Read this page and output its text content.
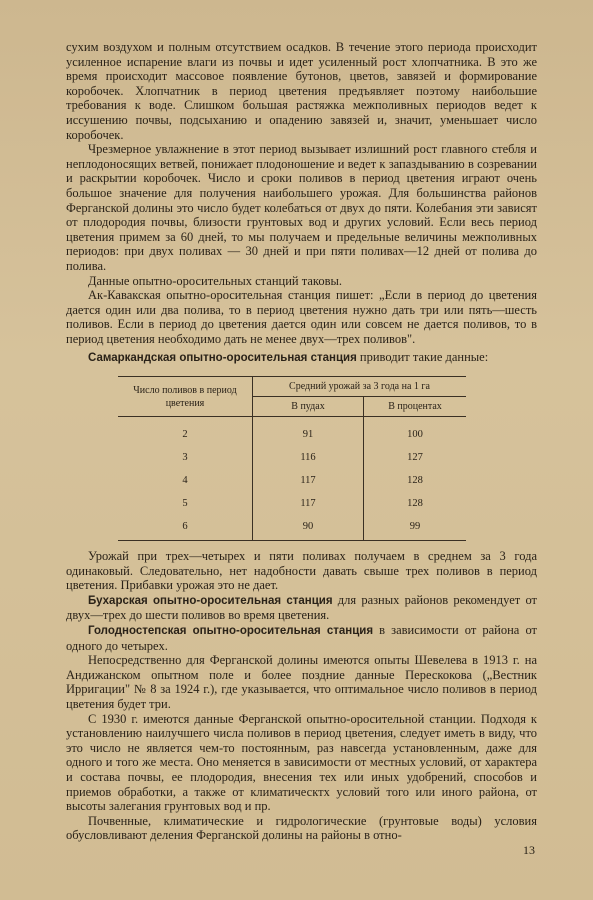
сухим воздухом и полным отсутствием осадков. В течение этого периода происходит усиленное испарение влаги из почвы и идет усиленный рост хлопчатника. В это же время происходит массовое появление бутонов, цветов, завязей и формирование коробочек. Хлопчатник в период цветения предъявляет поэтому наибольшие требования к воде. Слишком большая растяжка межполивных периодов ведет к иссушению почвы, подсыханию и опадению завязей и, значит, уменьшает число коробочек.

Чрезмерное увлажнение в этот период вызывает излишний рост главного стебля и неплодоносящих ветвей, понижает плодоношение и ведет к запаздыванию в созревании и раскрытии коробочек. Число и сроки поливов в период цветения играют очень большое значение для получения наибольшего урожая. Для большинства районов Ферганской долины это число будет колебаться от двух до пяти. Колебания эти зависят от плодородия почвы, близости грунтовых вод и других условий. Если весь период цветения примем за 60 дней, то мы получаем и предельные величины межполивных периодов: при двух поливах — 30 дней и при пяти поливах—12 дней от полива до полива.

Данные опытно-оросительных станций таковы.

Ак-Кавакская опытно-оросительная станция пишет: „Если в период до цветения дается один или два полива, то в период цветения нужно дать три или пять—шесть поливов. Если в период до цветения дается один или совсем не дается поливов, то в период цветения необходимо дать не менее двух—трех поливов".

Самаркандская опытно-оросительная станция приводит такие данные:

Число поливов в период цветения	Средний урожай за 3 года на 1 га	
	В пудах	В процентах
2	91	100
3	116	127
4	117	128
5	117	128
6	90	99

Урожай при трех—четырех и пяти поливах получаем в среднем за 3 года одинаковый. Следовательно, нет надобности давать свыше трех поливов в период цветения. Прибавки урожая это не дает.

Бухарская опытно-оросительная станция для разных районов рекомендует от двух—трех до шести поливов во время цветения.

Голодностепская опытно-оросительная станция в зависимости от района от одного до четырех.

Непосредственно для Ферганской долины имеются опыты Шевелева в 1913 г. на Андижанском опытном поле и более поздние данные Перескокова („Вестник Ирригации" № 8 за 1924 г.), где указывается, что оптимальное число поливов в период цветения будет три.

С 1930 г. имеются данные Ферганской опытно-оросительной станции. Подходя к установлению наилучшего числа поливов в период цветения, следует иметь в виду, что это число не является чем-то постоянным, раз навсегда установленным, даже для одного и того же места. Оно меняется в зависимости от местных условий, от характера и состава почвы, ее плодородия, внесения тех или иных удобрений, способов и приемов обработки, а также от климатическтх условий того или иного района, от высоты залегания грунтовых вод и пр.

Почвенные, климатические и гидрологические (грунтовые воды) условия обусловливают деления Ферганской долины на районы в отно-

13
